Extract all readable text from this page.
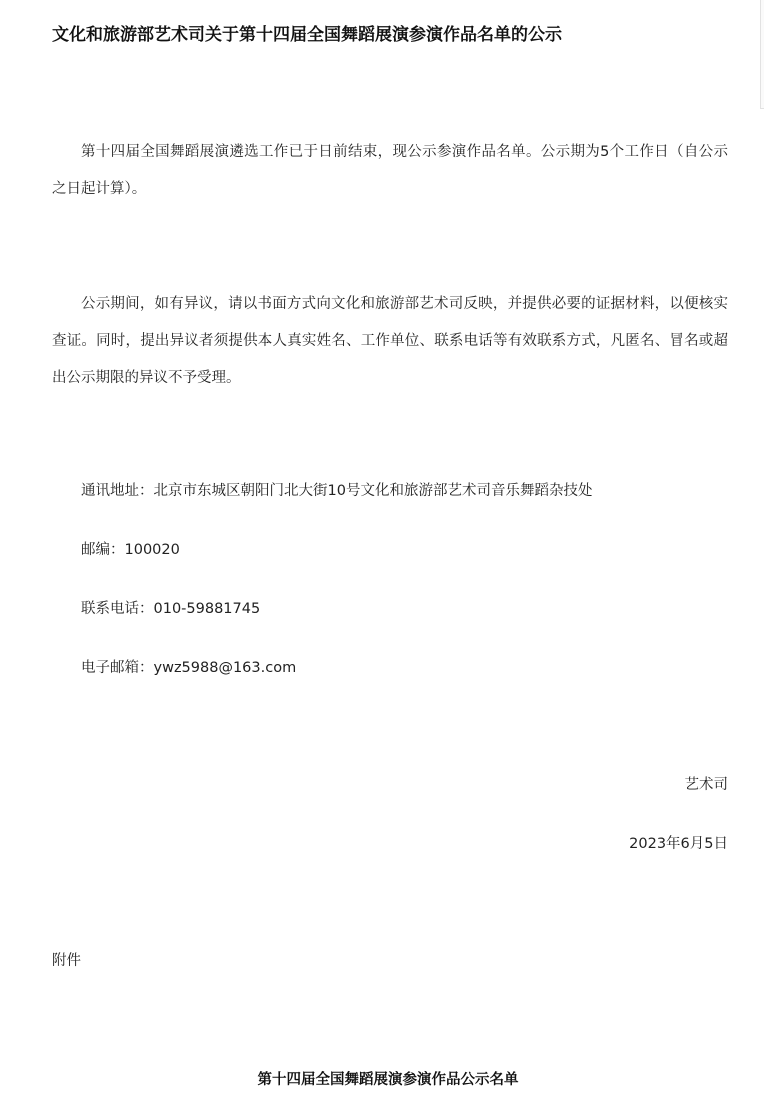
文化和旅游部艺术司关于第十四届全国舞蹈展演参演作品名单的公示

第十四届全国舞蹈展演遴选工作已于日前结束，现公示参演作品名单。公示期为5个工作日（自公示之日起计算）。

公示期间，如有异议，请以书面方式向文化和旅游部艺术司反映，并提供必要的证据材料，以便核实查证。同时，提出异议者须提供本人真实姓名、工作单位、联系电话等有效联系方式，凡匿名、冒名或超出公示期限的异议不予受理。

通讯地址：北京市东城区朝阳门北大街10号文化和旅游部艺术司音乐舞蹈杂技处
邮编：100020
联系电话：010-59881745
电子邮箱：ywz5988@163.com
艺术司
2023年6月5日
附件
第十四届全国舞蹈展演参演作品公示名单
